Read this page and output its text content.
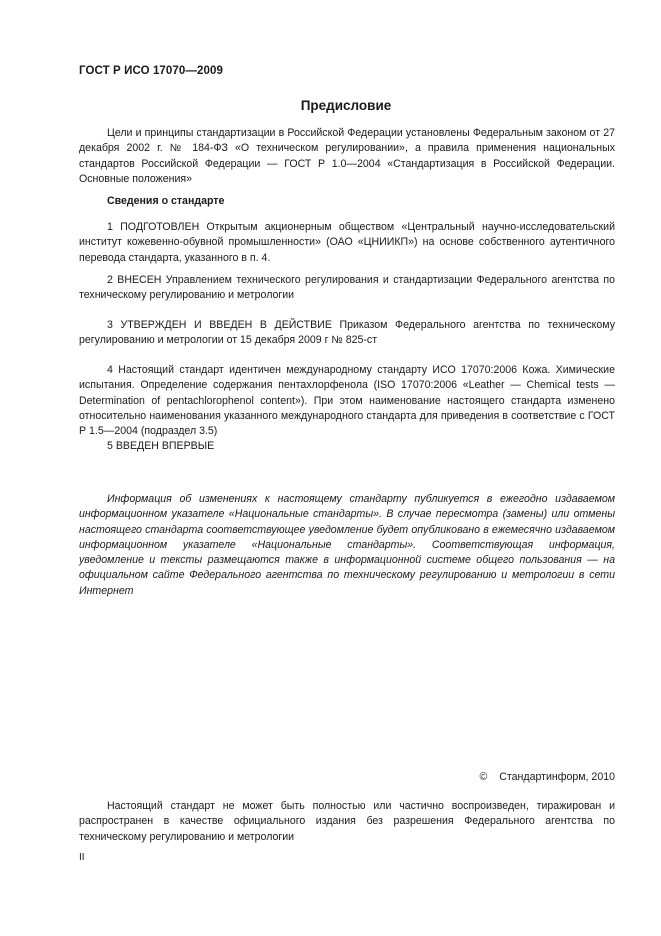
ГОСТ Р ИСО 17070—2009
Предисловие

Цели и принципы стандартизации в Российской Федерации установлены Федеральным законом от 27 декабря 2002 г. № 184-ФЗ «О техническом регулировании», а правила применения национальных стандартов Российской Федерации — ГОСТ Р 1.0—2004 «Стандартизация в Российской Федерации. Основные положения»

Сведения о стандарте

1 ПОДГОТОВЛЕН Открытым акционерным обществом «Центральный научно-исследовательский институт кожевенно-обувной промышленности» (ОАО «ЦНИИКП») на основе собственного аутентичного перевода стандарта, указанного в п. 4.

2 ВНЕСЕН Управлением технического регулирования и стандартизации Федерального агентства по техническому регулированию и метрологии

3 УТВЕРЖДЕН И ВВЕДЕН В ДЕЙСТВИЕ Приказом Федерального агентства по техническому регулированию и метрологии от 15 декабря 2009 г № 825-ст

4 Настоящий стандарт идентичен международному стандарту ИСО 17070:2006 Кожа. Химические испытания. Определение содержания пентахлорфенола (ISO 17070:2006 «Leather — Chemical tests — Determination of pentachlorophenol content»). При этом наименование настоящего стандарта изменено относительно наименования указанного международного стандарта для приведения в соответствие с ГОСТ Р 1.5—2004 (подраздел 3.5)

5 ВВЕДЕН ВПЕРВЫЕ

Информация об изменениях к настоящему стандарту публикуется в ежегодно издаваемом информационном указателе «Национальные стандарты». В случае пересмотра (замены) или отмены настоящего стандарта соответствующее уведомление будет опубликовано в ежемесячно издаваемом информационном указателе «Национальные стандарты». Соответствующая информация, уведомление и тексты размещаются также в информационной системе общего пользования — на официальном сайте Федерального агентства по техническому регулированию и метрологии в сети Интернет

© Стандартинформ, 2010

Настоящий стандарт не может быть полностью или частично воспроизведен, тиражирован и распространен в качестве официального издания без разрешения Федерального агентства по техническому регулированию и метрологии

II
